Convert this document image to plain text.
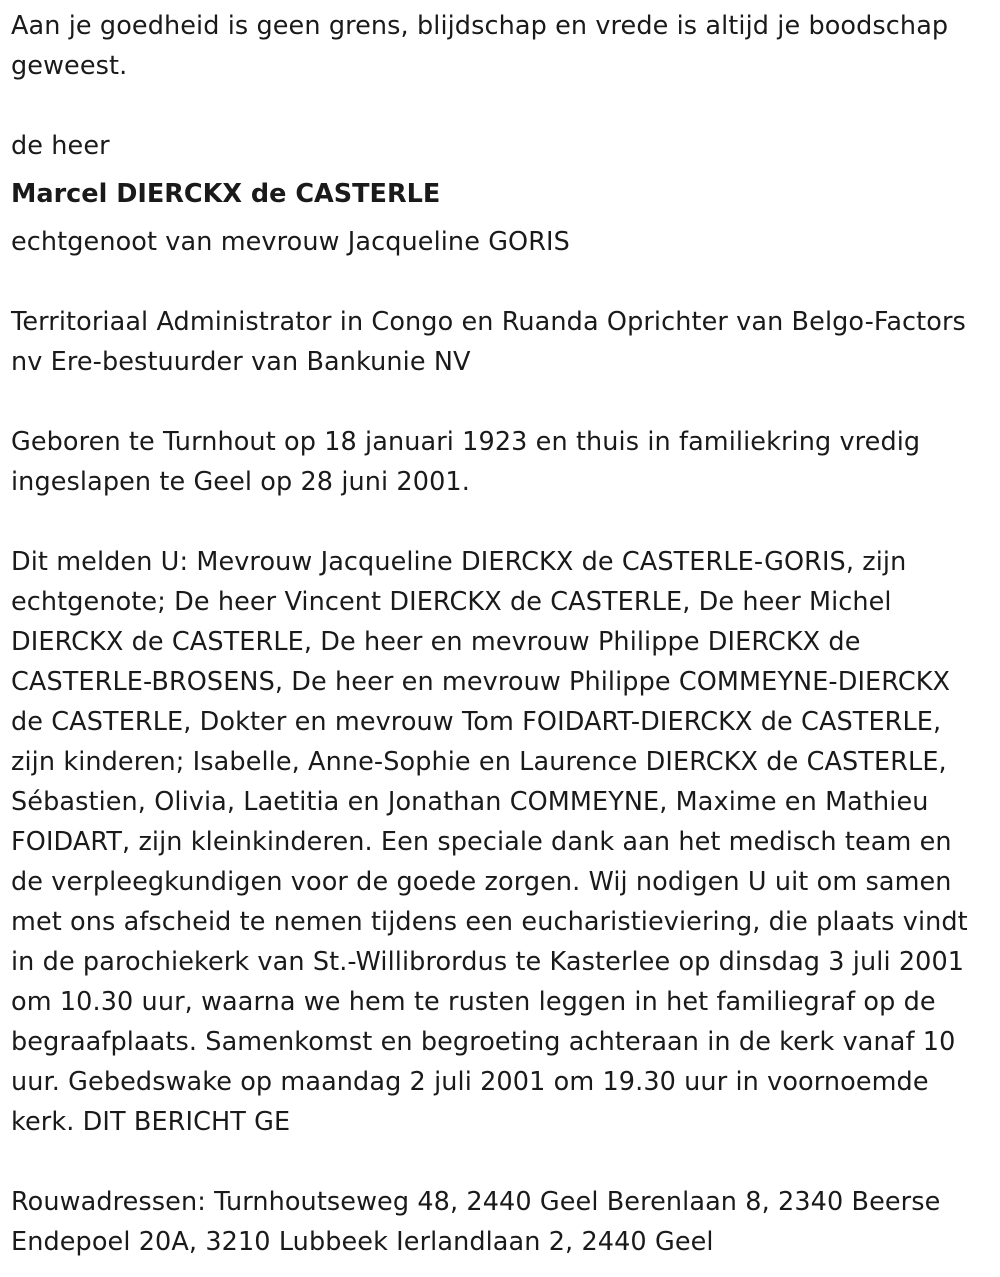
Aan je goedheid is geen grens, blijdschap en vrede is altijd je boodschap geweest.

de heer

Marcel DIERCKX de CASTERLE

echtgenoot van mevrouw Jacqueline GORIS

Territoriaal Administrator in Congo en Ruanda Oprichter van Belgo-Factors nv Ere-bestuurder van Bankunie NV

Geboren te Turnhout op 18 januari 1923 en thuis in familiekring vredig ingeslapen te Geel op 28 juni 2001.

Dit melden U: Mevrouw Jacqueline DIERCKX de CASTERLE-GORIS, zijn echtgenote; De heer Vincent DIERCKX de CASTERLE, De heer Michel DIERCKX de CASTERLE, De heer en mevrouw Philippe DIERCKX de CASTERLE-BROSENS, De heer en mevrouw Philippe COMMEYNE-DIERCKX de CASTERLE, Dokter en mevrouw Tom FOIDART-DIERCKX de CASTERLE, zijn kinderen; Isabelle, Anne-Sophie en Laurence DIERCKX de CASTERLE, Sébastien, Olivia, Laetitia en Jonathan COMMEYNE, Maxime en Mathieu FOIDART, zijn kleinkinderen. Een speciale dank aan het medisch team en de verpleegkundigen voor de goede zorgen. Wij nodigen U uit om samen met ons afscheid te nemen tijdens een eucharistieviering, die plaats vindt in de parochiekerk van St.-Willibrordus te Kasterlee op dinsdag 3 juli 2001 om 10.30 uur, waarna we hem te rusten leggen in het familiegraf op de begraafplaats. Samenkomst en begroeting achteraan in de kerk vanaf 10 uur. Gebedswake op maandag 2 juli 2001 om 19.30 uur in voornoemde kerk. DIT BERICHT GE

Rouwadressen: Turnhoutseweg 48, 2440 Geel Berenlaan 8, 2340 Beerse Endepoel 20A, 3210 Lubbeek Ierlandlaan 2, 2440 Geel
